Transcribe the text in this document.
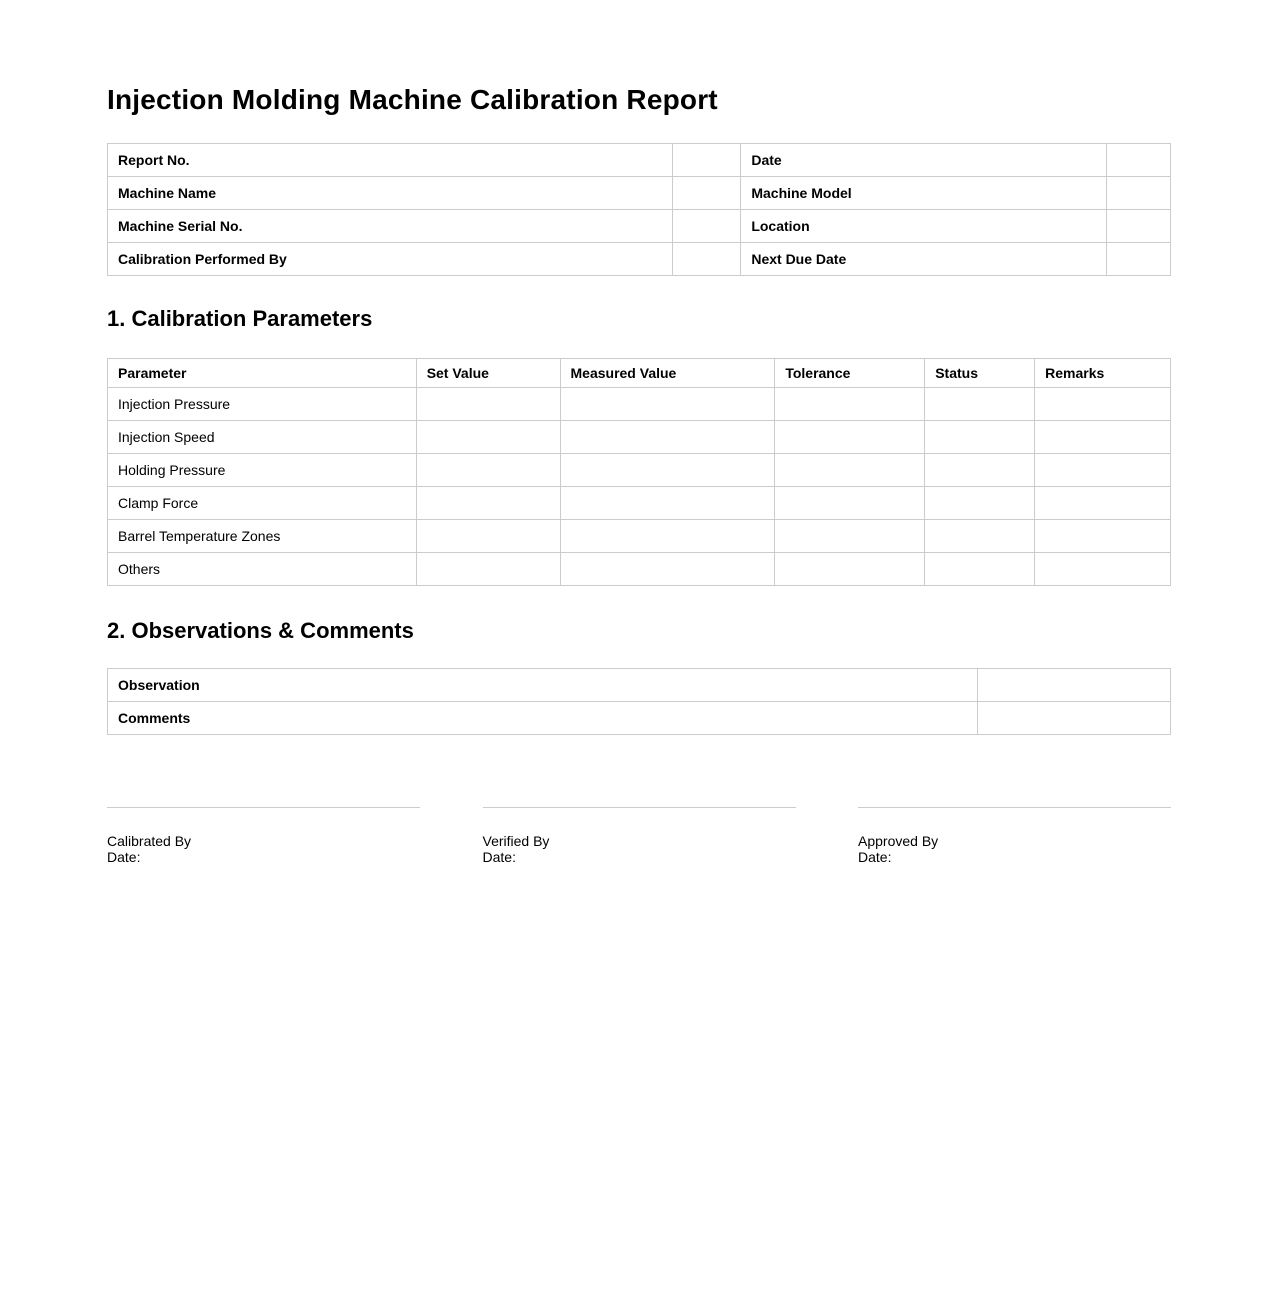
Injection Molding Machine Calibration Report
Report No.		Date	
Machine Name		Machine Model	
Machine Serial No.		Location	
Calibration Performed By		Next Due Date	
1. Calibration Parameters
Parameter	Set Value	Measured Value	Tolerance	Status	Remarks
Injection Pressure					
Injection Speed					
Holding Pressure					
Clamp Force					
Barrel Temperature Zones					
Others					
2. Observations & Comments
Observation	
Comments	
Calibrated By
Date:
Verified By
Date:
Approved By
Date:
